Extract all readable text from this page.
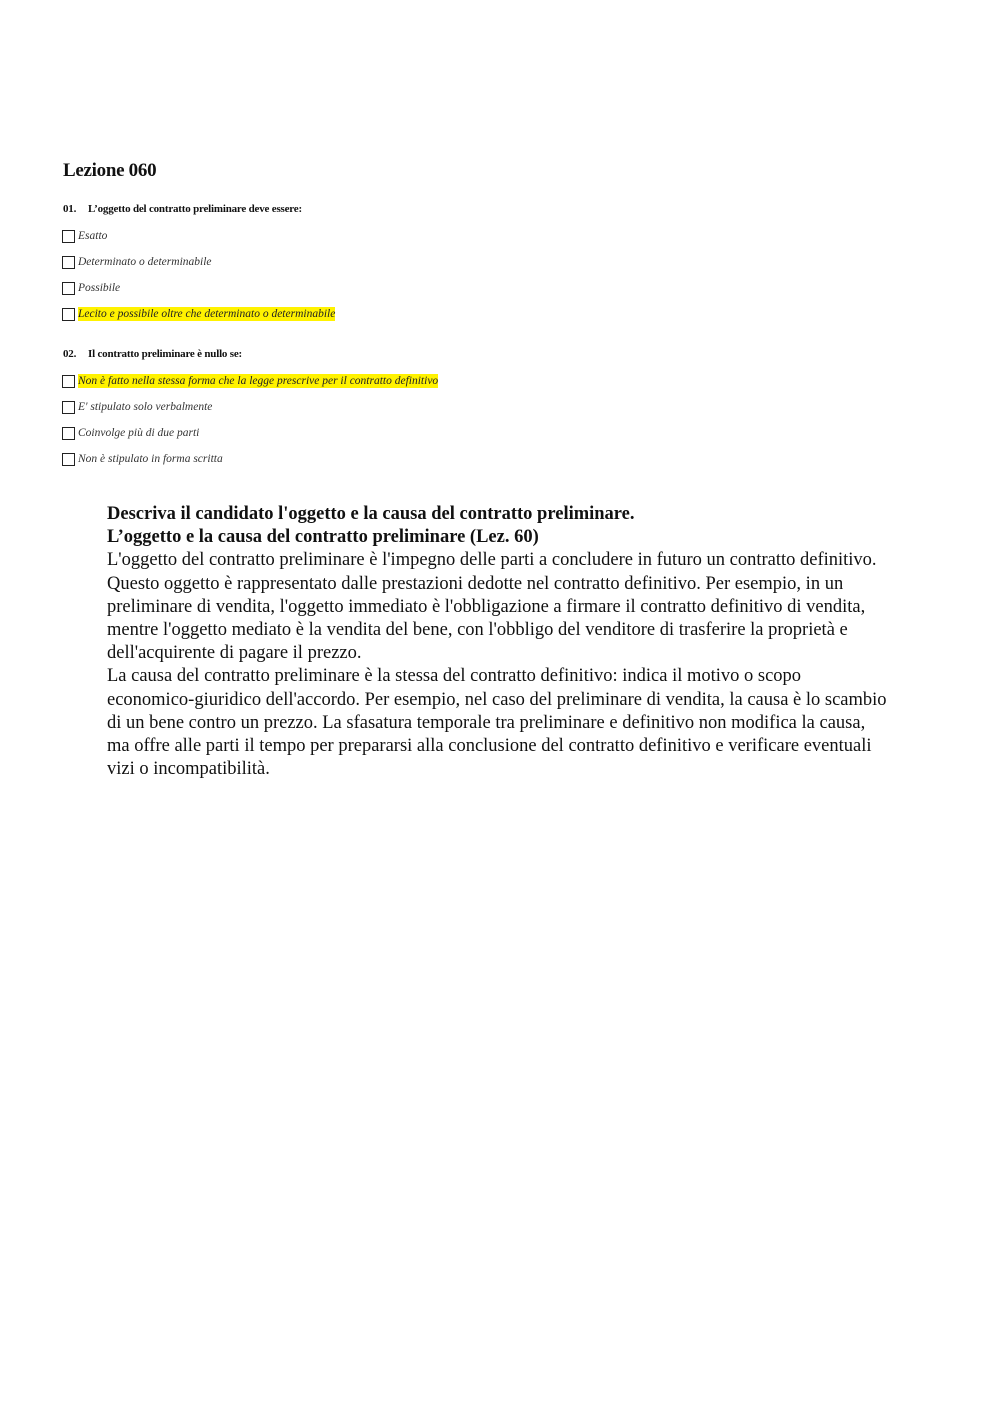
Lezione 060
01. L’oggetto del contratto preliminare deve essere:
Esatto
Determinato o determinabile
Possibile
Lecito e possibile oltre che determinato o determinabile
02. Il contratto preliminare è nullo se:
Non è fatto nella stessa forma che la legge prescrive per il contratto definitivo
E' stipulato solo verbalmente
Coinvolge più di due parti
Non è stipulato in forma scritta
Descriva il candidato l'oggetto e la causa del contratto preliminare.
L’oggetto e la causa del contratto preliminare (Lez. 60)

L'oggetto del contratto preliminare è l'impegno delle parti a concludere in futuro un contratto definitivo. Questo oggetto è rappresentato dalle prestazioni dedotte nel contratto definitivo. Per esempio, in un preliminare di vendita, l'oggetto immediato è l'obbligazione a firmare il contratto definitivo di vendita, mentre l'oggetto mediato è la vendita del bene, con l'obbligo del venditore di trasferire la proprietà e dell'acquirente di pagare il prezzo.

La causa del contratto preliminare è la stessa del contratto definitivo: indica il motivo o scopo economico-giuridico dell'accordo. Per esempio, nel caso del preliminare di vendita, la causa è lo scambio di un bene contro un prezzo. La sfasatura temporale tra preliminare e definitivo non modifica la causa, ma offre alle parti il tempo per prepararsi alla conclusione del contratto definitivo e verificare eventuali vizi o incompatibilità.
